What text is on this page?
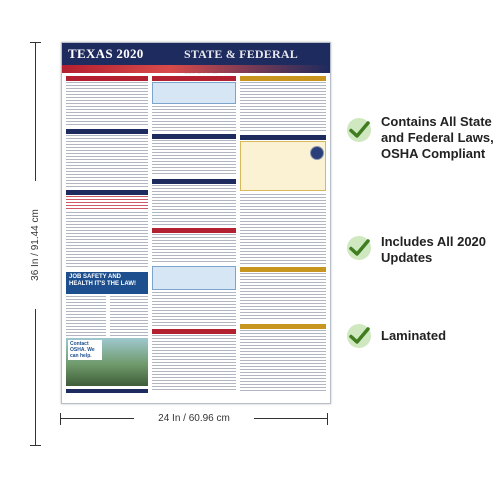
36 In / 91.44 cm
TEXAS 2020	STATE & FEDERAL
JOB SAFETY AND HEALTH IT'S THE LAW!
Contact OSHA. We can help.
24 In / 60.96 cm
Contains All State and Federal Laws, OSHA Compliant
Includes All 2020 Updates
Laminated
